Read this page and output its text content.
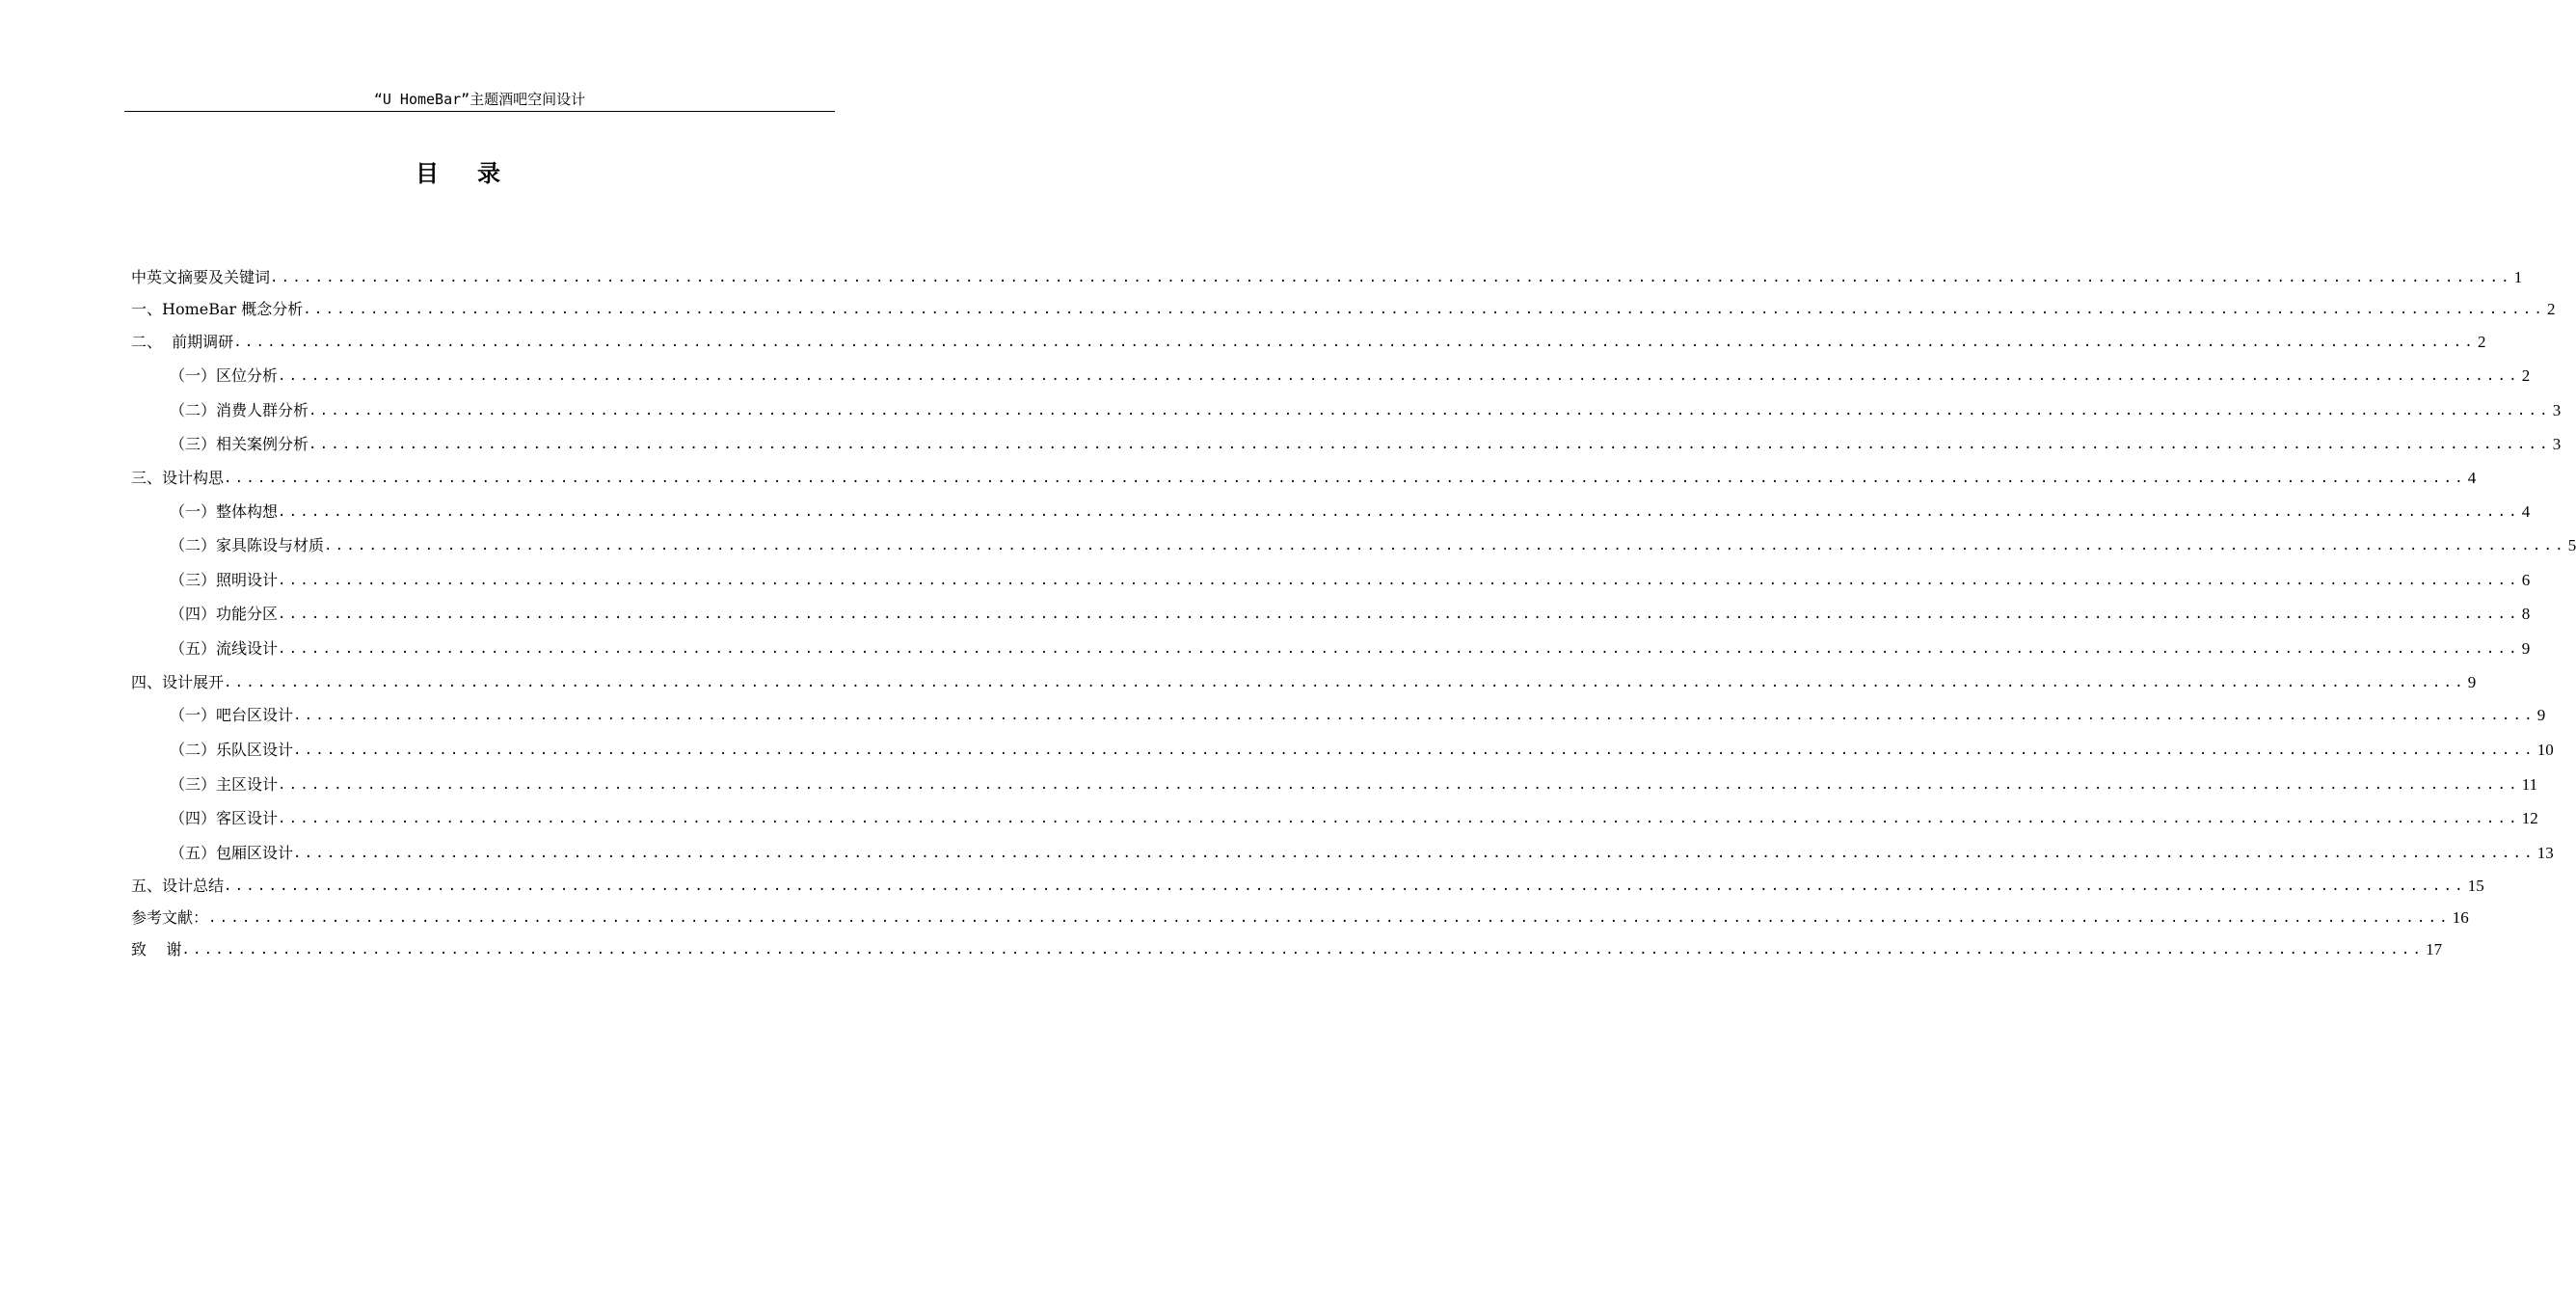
“U HomeBar”主题酒吧空间设计
目录
中英文摘要及关键词 ........................................................................................................................................................................................................ 1
一、HomeBar 概念分析 ........................................................................................................................................................................................................ 2
二、  前期调研 ........................................................................................................................................................................................................ 2
（一）区位分析 ........................................................................................................................................................................................................ 2
（二）消费人群分析 ........................................................................................................................................................................................................ 3
（三）相关案例分析 ........................................................................................................................................................................................................ 3
三、设计构思 ........................................................................................................................................................................................................ 4
（一）整体构想 ........................................................................................................................................................................................................ 4
（二）家具陈设与材质 ........................................................................................................................................................................................................ 5
（三）照明设计 ........................................................................................................................................................................................................ 6
（四）功能分区 ........................................................................................................................................................................................................ 8
（五）流线设计 ........................................................................................................................................................................................................ 9
四、设计展开 ........................................................................................................................................................................................................ 9
（一）吧台区设计 ........................................................................................................................................................................................................ 9
（二）乐队区设计 ........................................................................................................................................................................................................ 10
（三）主区设计 ........................................................................................................................................................................................................ 11
（四）客区设计 ........................................................................................................................................................................................................ 12
（五）包厢区设计 ........................................................................................................................................................................................................ 13
五、设计总结 ........................................................................................................................................................................................................ 15
参考文献： ........................................................................................................................................................................................................ 16
致    谢 ........................................................................................................................................................................................................ 17
